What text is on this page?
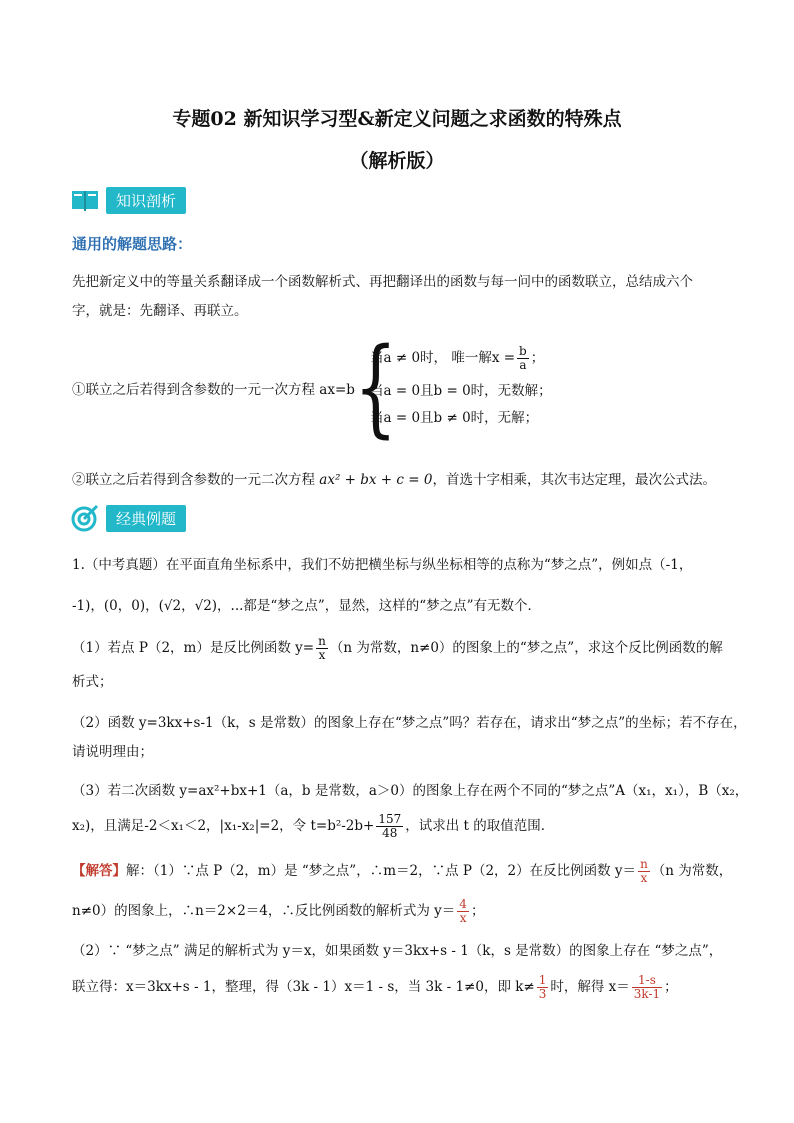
专题02 新知识学习型&新定义问题之求函数的特殊点
（解析版）
知识剖析
通用的解题思路：
先把新定义中的等量关系翻译成一个函数解析式、再把翻译出的函数与每一问中的函数联立，总结成六个
字，就是：先翻译、再联立。
①联立之后若得到含参数的一元一次方程 ax=b {
当a ≠ 0时， 唯一解$x = \frac{b}{a}$ ；
当a = 0且b = 0时，无数解；
当a = 0且b ≠ 0时，无解；
②联立之后若得到含参数的一元二次方程 ax² + bx + c = 0，首选十字相乘，其次韦达定理，最次公式法。
经典例题
1.（中考真题）在平面直角坐标系中，我们不妨把横坐标与纵坐标相等的点称为“梦之点”，例如点（-1，
-1)，(0，0)，(√2，√2)，...都是“梦之点”，显然，这样的“梦之点”有无数个．
（1）若点 P（2，m）是反比例函数 $y= \frac{n}{x} (n$ 为常数，n≠0）的图象上的“梦之点”，求这个反比例函数的解
析式；
（2）函数 y=3kx+s-1（k，s 是常数）的图象上存在“梦之点”吗？若存在，请求出“梦之点”的坐标；若不存在，
请说明理由；
（3）若二次函数 y=ax²+bx+1（a，b 是常数，a＞0）的图象上存在两个不同的“梦之点”A（x₁，x₁），B（x₂，
x₂)，且满足-2＜x₁＜2，|x₁-x₂|=2，令 $t=b^2-2b+ \frac{157}{48}$ ，试求出 t 的取值范围．
【解答】解：（1）∵点 P（2，m）是 “梦之点”，∴m＝2，∵点 P（2，2）在反比例函数 $y= \frac{n}{x} (n$ 为常数，
n≠0）的图象上，∴n＝2×2＝4，∴反比例函数的解析式为 $y= \frac{4}{x}$ ；
（2）∵ “梦之点” 满足的解析式为 y＝x，如果函数 y＝3kx+s - 1（k，s 是常数）的图象上存在 “梦之点”，
联立得：x＝3kx+s - 1，整理，得（3k - 1）x＝1 - s，当 3k - 1≠0，即 $k\ne \frac{1}{3}$ 时，解得 $x= \frac{1-s}{3k-1}$ ；
